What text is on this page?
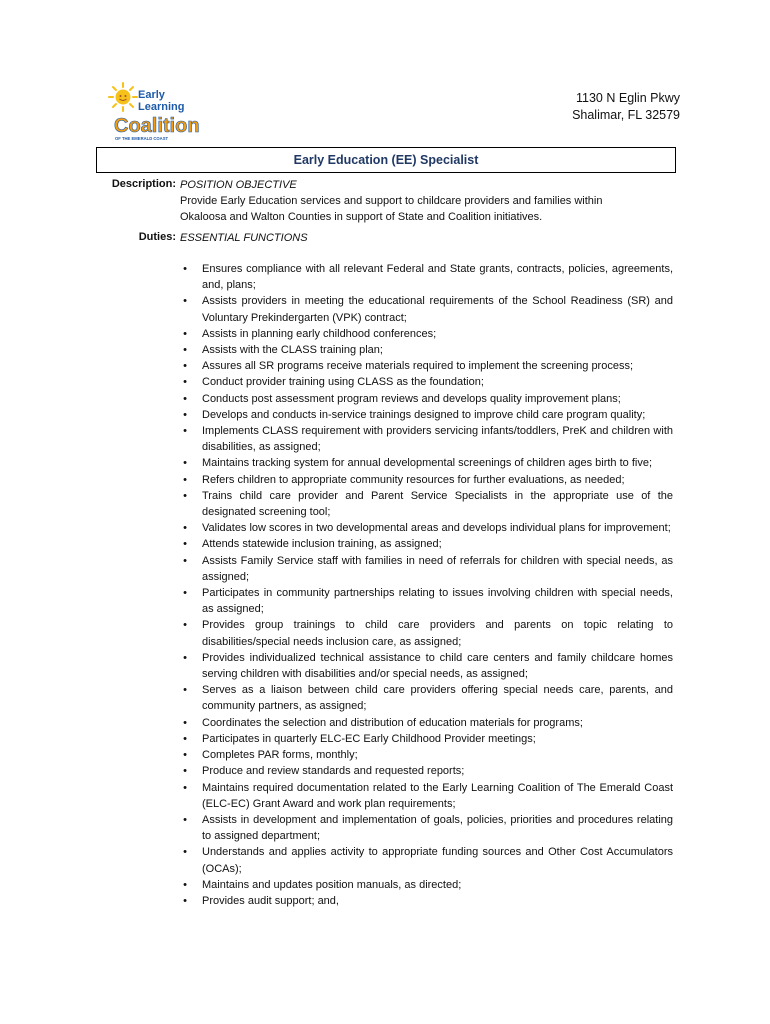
Early
Learning
Coalition
OF THE EMERALD COAST
1130 N Eglin Pkwy
Shalimar, FL 32579
Early Education (EE) Specialist
Description: POSITION OBJECTIVE
Provide Early Education services and support to childcare providers and families within
Okaloosa and Walton Counties in support of State and Coalition initiatives.
Duties: ESSENTIAL FUNCTIONS
• Ensures compliance with all relevant Federal and State grants, contracts, policies, agreements, and, plans;
• Assists providers in meeting the educational requirements of the School Readiness (SR) and Voluntary Prekindergarten (VPK) contract;
• Assists in planning early childhood conferences;
• Assists with the CLASS training plan;
• Assures all SR programs receive materials required to implement the screening process;
• Conduct provider training using CLASS as the foundation;
• Conducts post assessment program reviews and develops quality improvement plans;
• Develops and conducts in-service trainings designed to improve child care program quality;
• Implements CLASS requirement with providers servicing infants/toddlers, PreK and children with disabilities, as assigned;
• Maintains tracking system for annual developmental screenings of children ages birth to five;
• Refers children to appropriate community resources for further evaluations, as needed;
• Trains child care provider and Parent Service Specialists in the appropriate use of the designated screening tool;
• Validates low scores in two developmental areas and develops individual plans for improvement;
• Attends statewide inclusion training, as assigned;
• Assists Family Service staff with families in need of referrals for children with special needs, as assigned;
• Participates in community partnerships relating to issues involving children with special needs, as assigned;
• Provides group trainings to child care providers and parents on topic relating to disabilities/special needs inclusion care, as assigned;
• Provides individualized technical assistance to child care centers and family childcare homes serving children with disabilities and/or special needs, as assigned;
• Serves as a liaison between child care providers offering special needs care, parents, and community partners, as assigned;
• Coordinates the selection and distribution of education materials for programs;
• Participates in quarterly ELC-EC Early Childhood Provider meetings;
• Completes PAR forms, monthly;
• Produce and review standards and requested reports;
• Maintains required documentation related to the Early Learning Coalition of The Emerald Coast (ELC-EC) Grant Award and work plan requirements;
• Assists in development and implementation of goals, policies, priorities and procedures relating to assigned department;
• Understands and applies activity to appropriate funding sources and Other Cost Accumulators (OCAs);
• Maintains and updates position manuals, as directed;
• Provides audit support; and,
